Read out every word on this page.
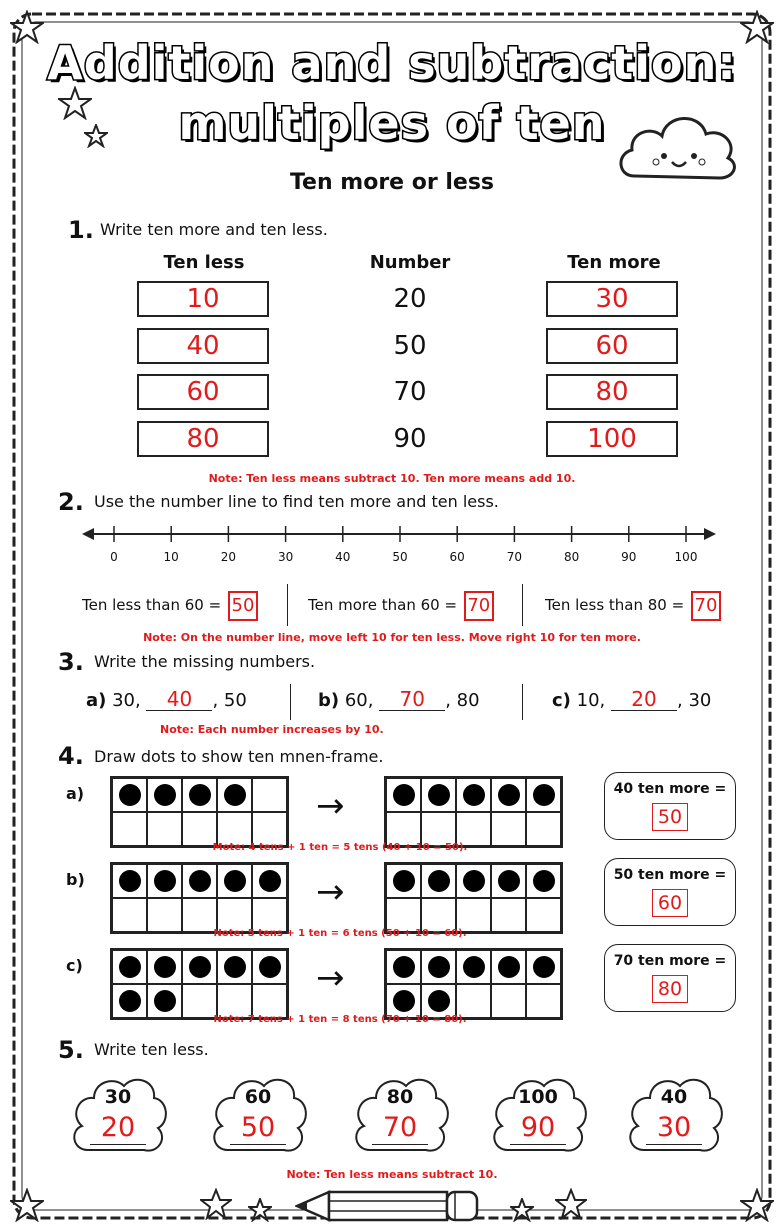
Addition and subtraction:
multiples of ten
Ten more or less
1. Write ten more and ten less.
Ten less	Number	Ten more
10	20	30
40	50	60
60	70	80
80	90	100
Note: Ten less means subtract 10. Ten more means add 10.
2. Use the number line to find ten more and ten less.
0	10	20	30	40	50	60	70	80	90	100
Ten less than 60 = 50	Ten more than 60 = 70	Ten less than 80 = 70
Note: On the number line, move left 10 for ten less. Move right 10 for ten more.
3. Write the missing numbers.
a) 30, 40 , 50	b) 60, 70 , 80	c) 10, 20 , 30
Note: Each number increases by 10.
4. Draw dots to show ten mnen-frame.
a)	→	40 ten more =
50
Mote: 4 tens + 1 ten = 5 tens (40 + 10 = 50).
b)	→	50 ten more =
60
Note: 5 tens + 1 ten = 6 tens (50 + 10 = 60).
c)	→	70 ten more =
80
Note: 7 tens + 1 ten = 8 tens (70 + 10 = 80).
5. Write ten less.
30
20
60
50
80
70
100
90
40
30
Note: Ten less means subtract 10.
